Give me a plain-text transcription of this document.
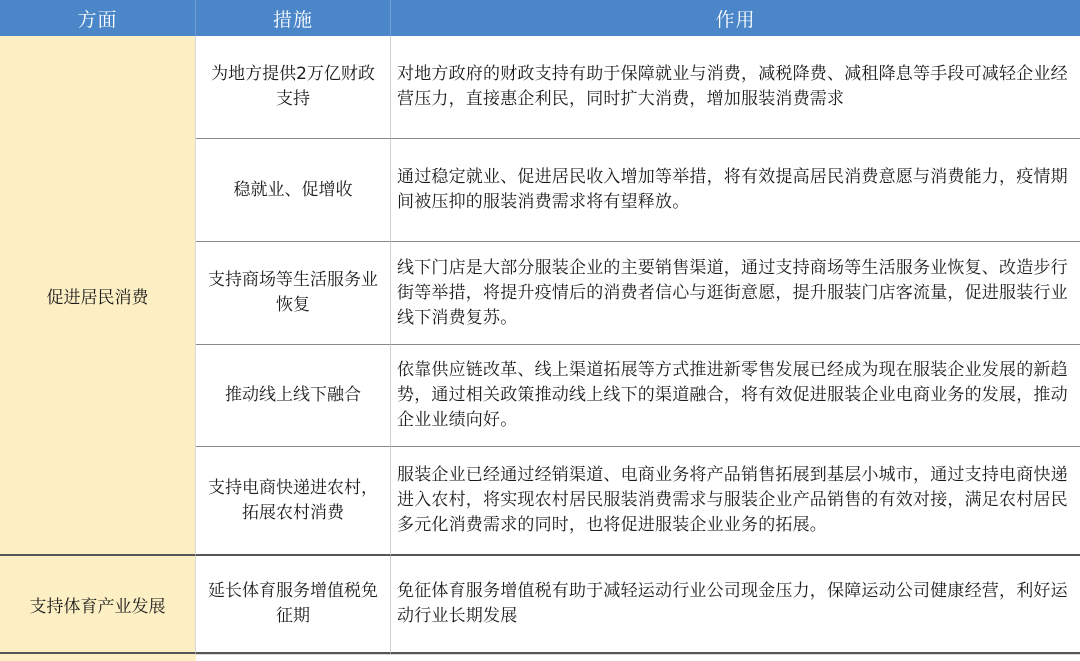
方面	措施	作用
促进居民消费
支持体育产业发展
为地方提供2万亿财政支持
对地方政府的财政支持有助于保障就业与消费，减税降费、减租降息等手段可减轻企业经营压力，直接惠企利民，同时扩大消费，增加服装消费需求
稳就业、促增收
通过稳定就业、促进居民收入增加等举措，将有效提高居民消费意愿与消费能力，疫情期间被压抑的服装消费需求将有望释放。
支持商场等生活服务业恢复
线下门店是大部分服装企业的主要销售渠道，通过支持商场等生活服务业恢复、改造步行街等举措，将提升疫情后的消费者信心与逛街意愿，提升服装门店客流量，促进服装行业线下消费复苏。
推动线上线下融合
依靠供应链改革、线上渠道拓展等方式推进新零售发展已经成为现在服装企业发展的新趋势，通过相关政策推动线上线下的渠道融合，将有效促进服装企业电商业务的发展，推动企业业绩向好。
支持电商快递进农村，拓展农村消费
服装企业已经通过经销渠道、电商业务将产品销售拓展到基层小城市，通过支持电商快递进入农村，将实现农村居民服装消费需求与服装企业产品销售的有效对接，满足农村居民多元化消费需求的同时，也将促进服装企业业务的拓展。
延长体育服务增值税免征期
免征体育服务增值税有助于减轻运动行业公司现金压力，保障运动公司健康经营，利好运动行业长期发展
